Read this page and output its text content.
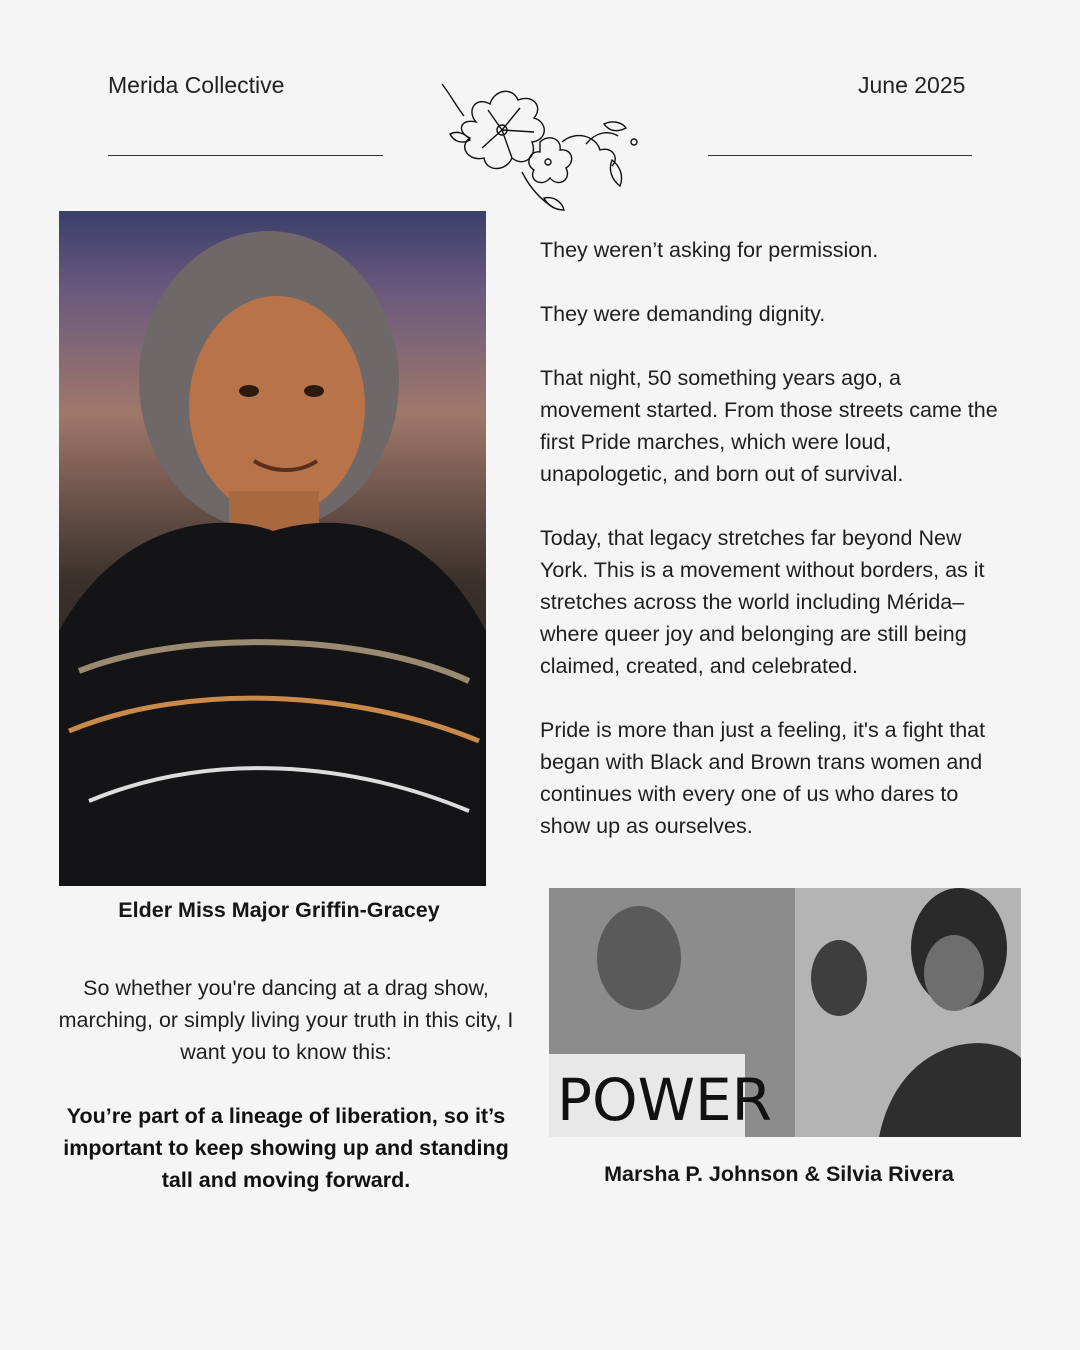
Merida Collective	June 2025
Elder Miss Major Griffin-Gracey

They weren’t asking for permission.

They were demanding dignity.

That night, 50 something years ago, a movement started. From those streets came the first Pride marches, which were loud, unapologetic, and born out of survival.

Today, that legacy stretches far beyond New York. This is a movement without borders, as it stretches across the world including Mérida– where queer joy and belonging are still being claimed, created, and celebrated.

Pride is more than just a feeling, it's a fight that began with Black and Brown trans women and continues with every one of us who dares to show up as ourselves.

So whether you're dancing at a drag show, marching, or simply living your truth in this city, I want you to know this:

You’re part of a lineage of liberation, so it’s important to keep showing up and standing tall and moving forward.

POWER
Marsha P. Johnson & Silvia Rivera
